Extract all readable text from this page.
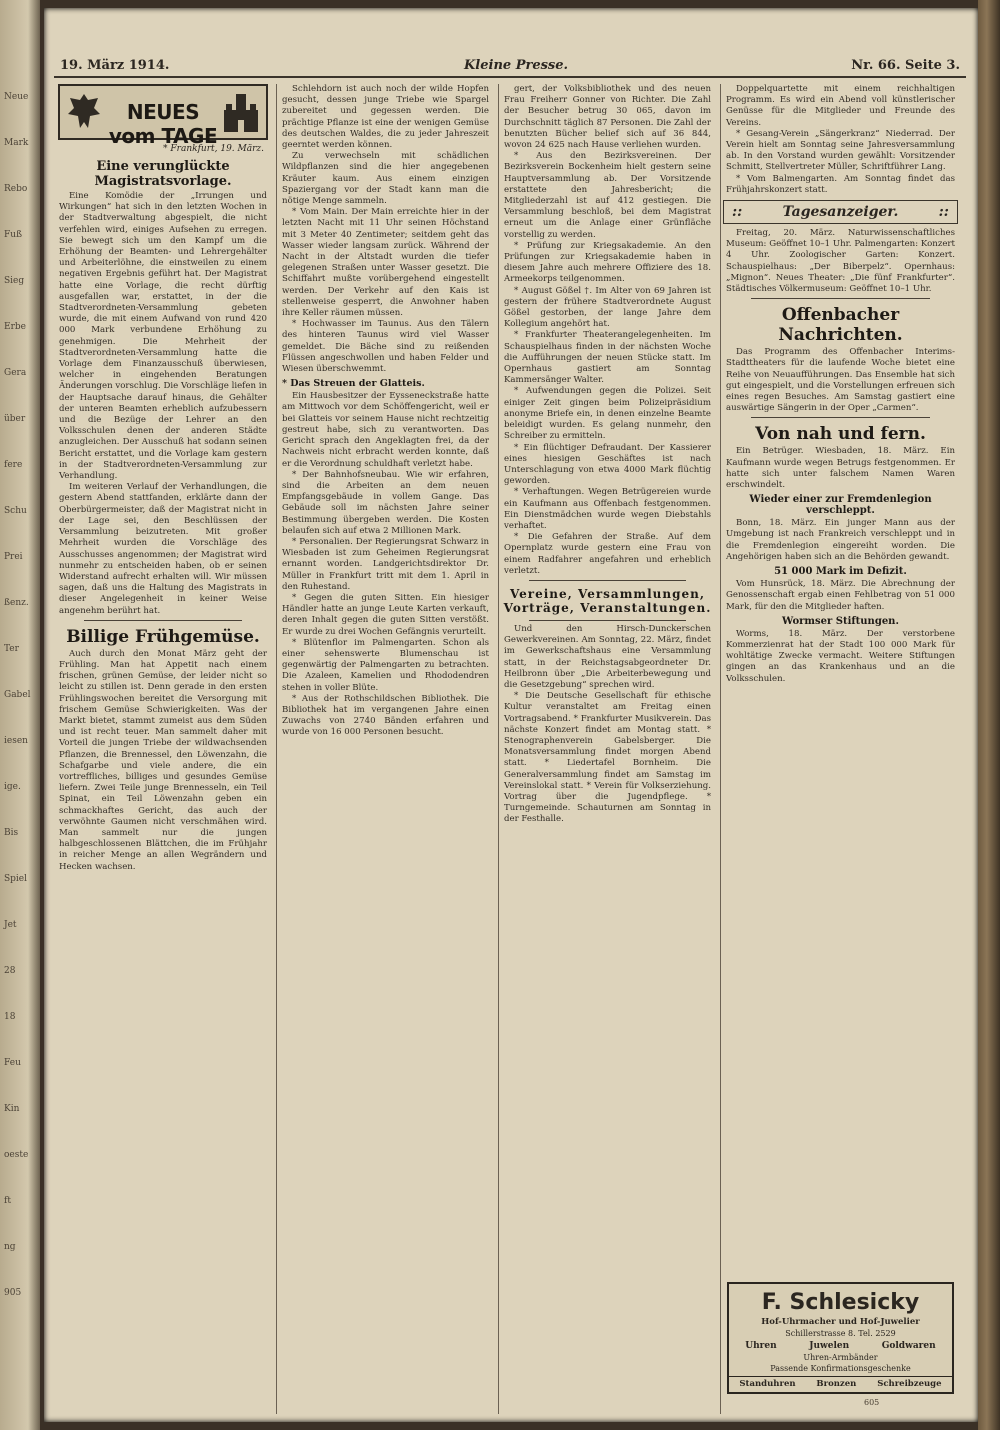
Neue
Mark
Rebo
Fuß
Sieg
Erbe
Gera
über
fere
Schu
Prei
ßenz.
Ter
Gabel
iesen
ige.
Bis
Spiel
Jet
28
18
Feu
Kin
oeste
ft
ng
905
19. März 1914.	Kleine Presse.	Nr. 66. Seite 3.
NEUES vom TAGE
* Frankfurt, 19. März.
Eine verunglückte Magistratsvorlage.
Eine Komödie der „Irrungen und Wirkungen“ hat sich in den letzten Wochen in der Stadtverwaltung abgespielt, die nicht verfehlen wird, einiges Aufsehen zu erregen. Sie bewegt sich um den Kampf um die Erhöhung der Beamten- und Lehrergehälter und Arbeiterlöhne, die einstweilen zu einem negativen Ergebnis geführt hat. Der Magistrat hatte eine Vorlage, die recht dürftig ausgefallen war, erstattet, in der die Stadtverordneten-Versammlung gebeten wurde, die mit einem Aufwand von rund 420 000 Mark verbundene Erhöhung zu genehmigen. Die Mehrheit der Stadtverordneten-Versammlung hatte die Vorlage dem Finanzausschuß überwiesen, welcher in eingehenden Beratungen Änderungen vorschlug. Die Vorschläge liefen in der Hauptsache darauf hinaus, die Gehälter der unteren Beamten erheblich aufzubessern und die Bezüge der Lehrer an den Volksschulen denen der anderen Städte anzugleichen. Der Ausschuß hat sodann seinen Bericht erstattet, und die Vorlage kam gestern in der Stadtverordneten-Versammlung zur Verhandlung.
Im weiteren Verlauf der Verhandlungen, die gestern Abend stattfanden, erklärte dann der Oberbürgermeister, daß der Magistrat nicht in der Lage sei, den Beschlüssen der Versammlung beizutreten. Mit großer Mehrheit wurden die Vorschläge des Ausschusses angenommen; der Magistrat wird nunmehr zu entscheiden haben, ob er seinen Widerstand aufrecht erhalten will. Wir müssen sagen, daß uns die Haltung des Magistrats in dieser Angelegenheit in keiner Weise angenehm berührt hat.
Billige Frühgemüse.
Auch durch den Monat März geht der Frühling. Man hat Appetit nach einem frischen, grünen Gemüse, der leider nicht so leicht zu stillen ist. Denn gerade in den ersten Frühlingswochen bereitet die Versorgung mit frischem Gemüse Schwierigkeiten. Was der Markt bietet, stammt zumeist aus dem Süden und ist recht teuer. Man sammelt daher mit Vorteil die jungen Triebe der wildwachsenden Pflanzen, die Brennessel, den Löwenzahn, die Schafgarbe und viele andere, die ein vortreffliches, billiges und gesundes Gemüse liefern. Zwei Teile junge Brennesseln, ein Teil Spinat, ein Teil Löwenzahn geben ein schmackhaftes Gericht, das auch der verwöhnte Gaumen nicht verschmähen wird. Man sammelt nur die jungen halbgeschlossenen Blättchen, die im Frühjahr in reicher Menge an allen Wegrändern und Hecken wachsen.
Schlehdorn ist auch noch der wilde Hopfen gesucht, dessen junge Triebe wie Spargel zubereitet und gegessen werden. Die prächtige Pflanze ist eine der wenigen Gemüse des deutschen Waldes, die zu jeder Jahreszeit geerntet werden können.
Zu verwechseln mit schädlichen Wildpflanzen sind die hier angegebenen Kräuter kaum. Aus einem einzigen Spaziergang vor der Stadt kann man die nötige Menge sammeln.
* Vom Main. Der Main erreichte hier in der letzten Nacht mit 11 Uhr seinen Höchstand mit 3 Meter 40 Zentimeter; seitdem geht das Wasser wieder langsam zurück. Während der Nacht in der Altstadt wurden die tiefer gelegenen Straßen unter Wasser gesetzt. Die Schiffahrt mußte vorübergehend eingestellt werden. Der Verkehr auf den Kais ist stellenweise gesperrt, die Anwohner haben ihre Keller räumen müssen.
* Hochwasser im Taunus. Aus den Tälern des hinteren Taunus wird viel Wasser gemeldet. Die Bäche sind zu reißenden Flüssen angeschwollen und haben Felder und Wiesen überschwemmt.
* Das Streuen der Glatteis.
Ein Hausbesitzer der Eysseneckstraße hatte am Mittwoch vor dem Schöffengericht, weil er bei Glatteis vor seinem Hause nicht rechtzeitig gestreut habe, sich zu verantworten. Das Gericht sprach den Angeklagten frei, da der Nachweis nicht erbracht werden konnte, daß er die Verordnung schuldhaft verletzt habe.
* Der Bahnhofsneubau. Wie wir erfahren, sind die Arbeiten an dem neuen Empfangsgebäude in vollem Gange. Das Gebäude soll im nächsten Jahre seiner Bestimmung übergeben werden. Die Kosten belaufen sich auf etwa 2 Millionen Mark.
* Personalien. Der Regierungsrat Schwarz in Wiesbaden ist zum Geheimen Regierungsrat ernannt worden. Landgerichtsdirektor Dr. Müller in Frankfurt tritt mit dem 1. April in den Ruhestand.
* Gegen die guten Sitten. Ein hiesiger Händler hatte an junge Leute Karten verkauft, deren Inhalt gegen die guten Sitten verstößt. Er wurde zu drei Wochen Gefängnis verurteilt.
* Blütenflor im Palmengarten. Schon als einer sehenswerte Blumenschau ist gegenwärtig der Palmengarten zu betrachten. Die Azaleen, Kamelien und Rhododendren stehen in voller Blüte.
* Aus der Rothschildschen Bibliothek. Die Bibliothek hat im vergangenen Jahre einen Zuwachs von 2740 Bänden erfahren und wurde von 16 000 Personen besucht.
gert, der Volksbibliothek und des neuen Frau Freiherr Gonner von Richter. Die Zahl der Besucher betrug 30 065, davon im Durchschnitt täglich 87 Personen. Die Zahl der benutzten Bücher belief sich auf 36 844, wovon 24 625 nach Hause verliehen wurden.
* Aus den Bezirksvereinen. Der Bezirksverein Bockenheim hielt gestern seine Hauptversammlung ab. Der Vorsitzende erstattete den Jahresbericht; die Mitgliederzahl ist auf 412 gestiegen. Die Versammlung beschloß, bei dem Magistrat erneut um die Anlage einer Grünfläche vorstellig zu werden.
* Prüfung zur Kriegsakademie. An den Prüfungen zur Kriegsakademie haben in diesem Jahre auch mehrere Offiziere des 18. Armeekorps teilgenommen.
* August Gößel †. Im Alter von 69 Jahren ist gestern der frühere Stadtverordnete August Gößel gestorben, der lange Jahre dem Kollegium angehört hat.
* Frankfurter Theaterangelegenheiten. Im Schauspielhaus finden in der nächsten Woche die Aufführungen der neuen Stücke statt. Im Opernhaus gastiert am Sonntag Kammersänger Walter.
* Aufwendungen gegen die Polizei. Seit einiger Zeit gingen beim Polizeipräsidium anonyme Briefe ein, in denen einzelne Beamte beleidigt wurden. Es gelang nunmehr, den Schreiber zu ermitteln.
* Ein flüchtiger Defraudant. Der Kassierer eines hiesigen Geschäftes ist nach Unterschlagung von etwa 4000 Mark flüchtig geworden.
* Verhaftungen. Wegen Betrügereien wurde ein Kaufmann aus Offenbach festgenommen. Ein Dienstmädchen wurde wegen Diebstahls verhaftet.
* Die Gefahren der Straße. Auf dem Opernplatz wurde gestern eine Frau von einem Radfahrer angefahren und erheblich verletzt.
Vereine, Versammlungen, Vorträge, Veranstaltungen.
Und den Hirsch-Dunckerschen Gewerkvereinen. Am Sonntag, 22. März, findet im Gewerkschaftshaus eine Versammlung statt, in der Reichstagsabgeordneter Dr. Heilbronn über „Die Arbeiterbewegung und die Gesetzgebung“ sprechen wird.
* Die Deutsche Gesellschaft für ethische Kultur veranstaltet am Freitag einen Vortragsabend. * Frankfurter Musikverein. Das nächste Konzert findet am Montag statt. * Stenographenverein Gabelsberger. Die Monatsversammlung findet morgen Abend statt. * Liedertafel Bornheim. Die Generalversammlung findet am Samstag im Vereinslokal statt. * Verein für Volkserziehung. Vortrag über die Jugendpflege. * Turngemeinde. Schauturnen am Sonntag in der Festhalle.
Doppelquartette mit einem reichhaltigen Programm. Es wird ein Abend voll künstlerischer Genüsse für die Mitglieder und Freunde des Vereins.
* Gesang-Verein „Sängerkranz“ Niederrad. Der Verein hielt am Sonntag seine Jahresversammlung ab. In den Vorstand wurden gewählt: Vorsitzender Schmitt, Stellvertreter Müller, Schriftführer Lang.
* Vom Balmengarten. Am Sonntag findet das Frühjahrskonzert statt.
::	Tagesanzeiger.	::
Freitag, 20. März. Naturwissenschaftliches Museum: Geöffnet 10–1 Uhr. Palmengarten: Konzert 4 Uhr. Zoologischer Garten: Konzert. Schauspielhaus: „Der Biberpelz“. Opernhaus: „Mignon“. Neues Theater: „Die fünf Frankfurter“. Städtisches Völkermuseum: Geöffnet 10–1 Uhr.
Offenbacher Nachrichten.
Das Programm des Offenbacher Interims-Stadttheaters für die laufende Woche bietet eine Reihe von Neuaufführungen. Das Ensemble hat sich gut eingespielt, und die Vorstellungen erfreuen sich eines regen Besuches. Am Samstag gastiert eine auswärtige Sängerin in der Oper „Carmen“.
Von nah und fern.
Ein Betrüger. Wiesbaden, 18. März. Ein Kaufmann wurde wegen Betrugs festgenommen. Er hatte sich unter falschem Namen Waren erschwindelt.
Wieder einer zur Fremdenlegion verschleppt.
Bonn, 18. März. Ein junger Mann aus der Umgebung ist nach Frankreich verschleppt und in die Fremdenlegion eingereiht worden. Die Angehörigen haben sich an die Behörden gewandt.
51 000 Mark im Defizit.
Vom Hunsrück, 18. März. Die Abrechnung der Genossenschaft ergab einen Fehlbetrag von 51 000 Mark, für den die Mitglieder haften.
Wormser Stiftungen.
Worms, 18. März. Der verstorbene Kommerzienrat hat der Stadt 100 000 Mark für wohltätige Zwecke vermacht. Weitere Stiftungen gingen an das Krankenhaus und an die Volksschulen.
F. Schlesicky
Hof-Uhrmacher und Hof-Juwelier
Schillerstrasse 8. Tel. 2529
Uhren	Juwelen	Goldwaren
Uhren-Armbänder
Passende Konfirmationsgeschenke
Standuhren Bronzen Schreibzeuge
605
